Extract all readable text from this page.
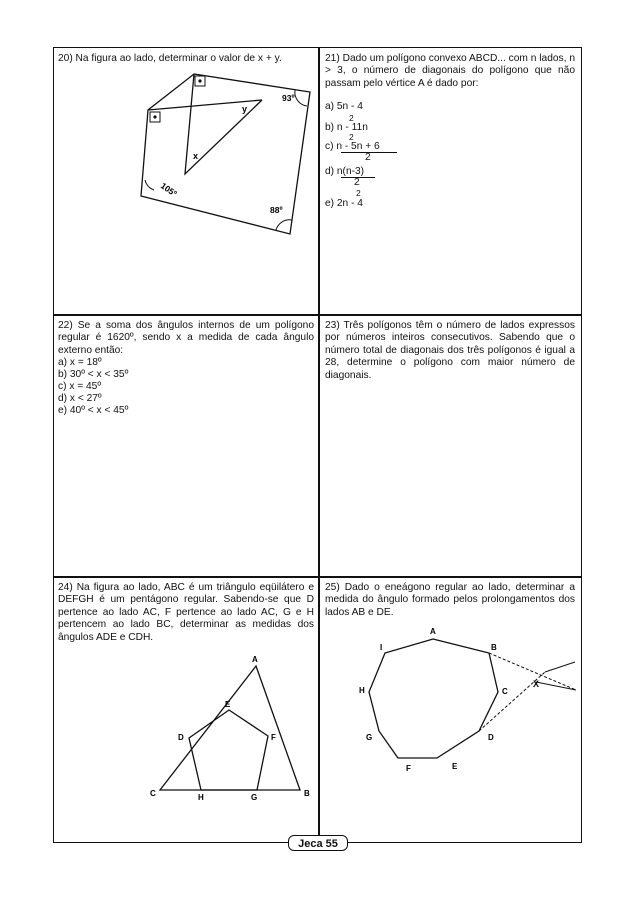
20) Na figura ao lado, determinar o valor de x + y.

93º
105º
88º
x
y

21) Dado um polígono convexo ABCD... com n lados, n > 3, o número de diagonais do polígono que não passam pelo vértice A é dado por:

a) 5n - 4
2
b) n - 11n
2
c) n - 5n + 6
2
d) n(n-3)
2
2
e) 2n - 4

22) Se a soma dos ângulos internos de um polígono regular é 1620º, sendo x a medida de cada ângulo externo então:

a) x = 18º
b) 30º < x < 35º
c) x = 45º
d) x < 27º
e) 40º < x < 45º

23) Três polígonos têm o número de lados expressos por números inteiros consecutivos. Sabendo que o número total de diagonais dos três polígonos é igual a 28, determine o polígono com maior número de diagonais.

24) Na figura ao lado, ABC é um triângulo eqüilátero e DEFGH é um pentágono regular. Sabendo-se que D pertence ao lado AC, F pertence ao lado AC, G e H pertencem ao lado BC, determinar as medidas dos ângulos ADE e CDH.

A
C	B
E
D	F
H	G

25) Dado o eneágono regular ao lado, determinar a medida do ângulo formado pelos prolongamentos dos lados AB e DE.

A
B
C
D
E
F
G
H
I
X
Jeca 55
